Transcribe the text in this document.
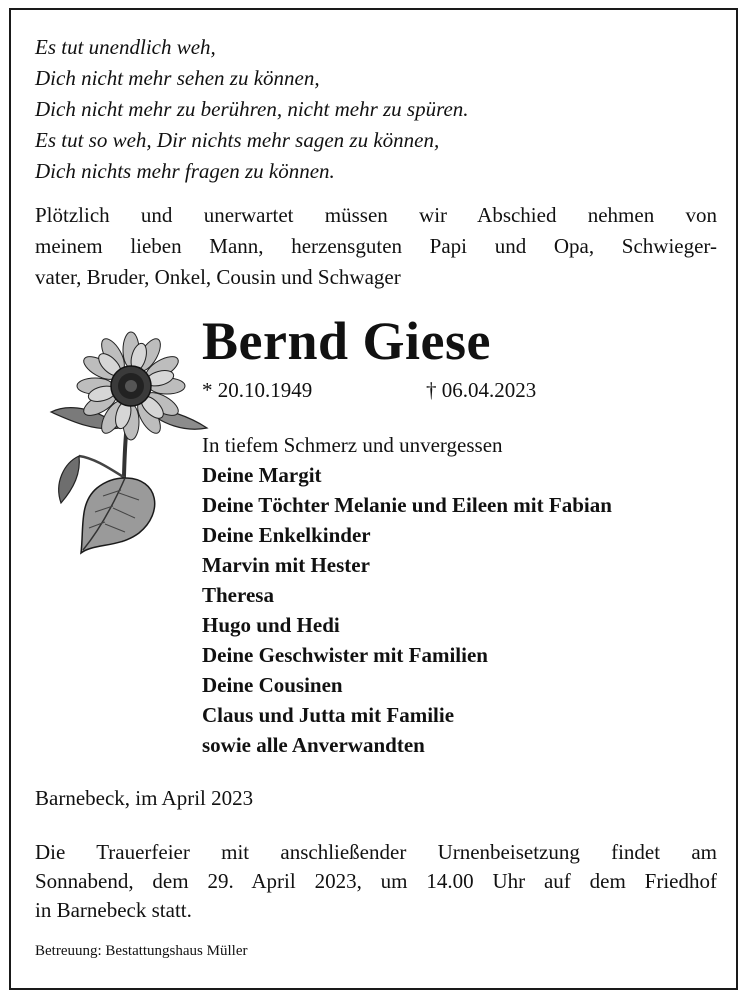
Es tut unendlich weh,
Dich nicht mehr sehen zu können,
Dich nicht mehr zu berühren, nicht mehr zu spüren.
Es tut so weh, Dir nichts mehr sagen zu können,
Dich nichts mehr fragen zu können.
Plötzlich und unerwartet müssen wir Abschied nehmen von
meinem lieben Mann, herzensguten Papi und Opa, Schwieger-
vater, Bruder, Onkel, Cousin und Schwager
Bernd Giese
* 20.10.1949	† 06.04.2023
In tiefem Schmerz und unvergessen
Deine Margit
Deine Töchter Melanie und Eileen mit Fabian
Deine Enkelkinder
Marvin mit Hester
Theresa
Hugo und Hedi
Deine Geschwister mit Familien
Deine Cousinen
Claus und Jutta mit Familie
sowie alle Anverwandten
Barnebeck, im April 2023
Die Trauerfeier mit anschließender Urnenbeisetzung findet am
Sonnabend, dem 29. April 2023, um 14.00 Uhr auf dem Friedhof
in Barnebeck statt.
Betreuung: Bestattungshaus Müller
